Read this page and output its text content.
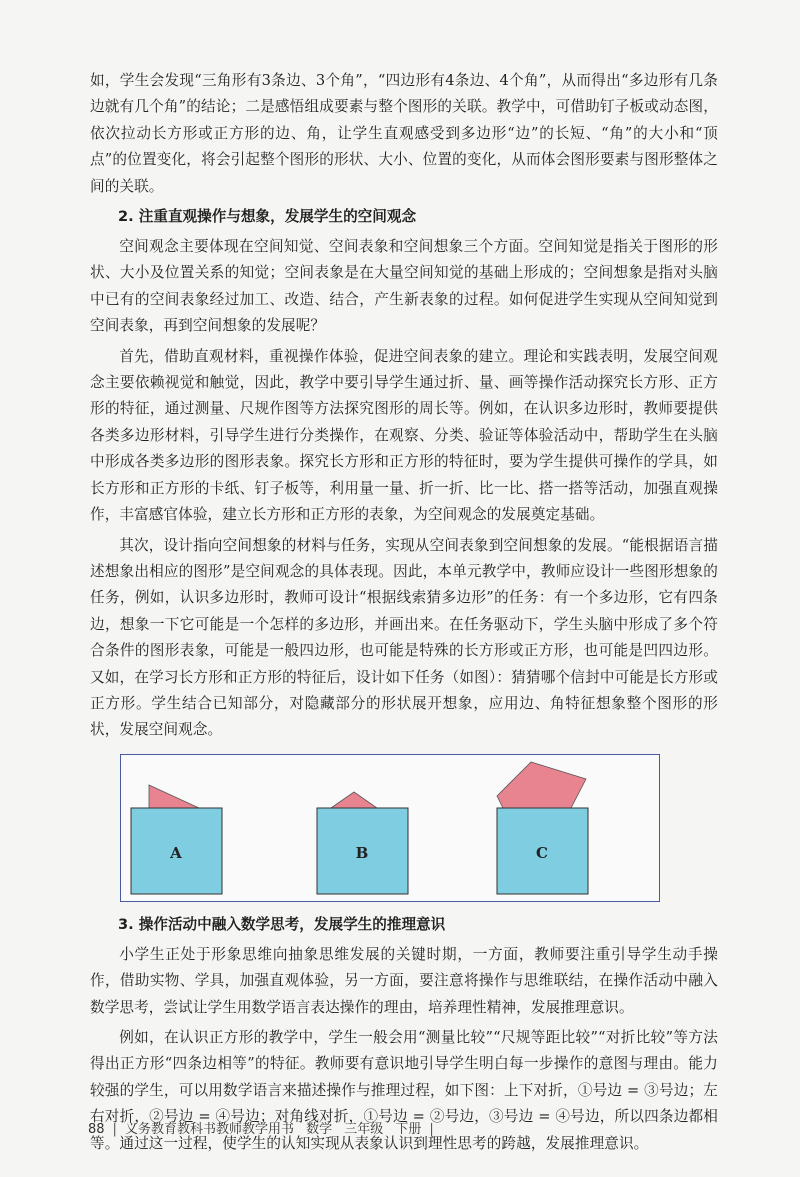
如，学生会发现“三角形有3条边、3个角”，“四边形有4条边、4个角”，从而得出“多边形有几条边就有几个角”的结论；二是感悟组成要素与整个图形的关联。教学中，可借助钉子板或动态图，依次拉动长方形或正方形的边、角，让学生直观感受到多边形“边”的长短、“角”的大小和“顶点”的位置变化，将会引起整个图形的形状、大小、位置的变化，从而体会图形要素与图形整体之间的关联。

2. 注重直观操作与想象，发展学生的空间观念

空间观念主要体现在空间知觉、空间表象和空间想象三个方面。空间知觉是指关于图形的形状、大小及位置关系的知觉；空间表象是在大量空间知觉的基础上形成的；空间想象是指对头脑中已有的空间表象经过加工、改造、结合，产生新表象的过程。如何促进学生实现从空间知觉到空间表象，再到空间想象的发展呢？

首先，借助直观材料，重视操作体验，促进空间表象的建立。理论和实践表明，发展空间观念主要依赖视觉和触觉，因此，教学中要引导学生通过折、量、画等操作活动探究长方形、正方形的特征，通过测量、尺规作图等方法探究图形的周长等。例如，在认识多边形时，教师要提供各类多边形材料，引导学生进行分类操作，在观察、分类、验证等体验活动中，帮助学生在头脑中形成各类多边形的图形表象。探究长方形和正方形的特征时，要为学生提供可操作的学具，如长方形和正方形的卡纸、钉子板等，利用量一量、折一折、比一比、搭一搭等活动，加强直观操作，丰富感官体验，建立长方形和正方形的表象，为空间观念的发展奠定基础。

其次，设计指向空间想象的材料与任务，实现从空间表象到空间想象的发展。“能根据语言描述想象出相应的图形”是空间观念的具体表现。因此，本单元教学中，教师应设计一些图形想象的任务，例如，认识多边形时，教师可设计“根据线索猜多边形”的任务：有一个多边形，它有四条边，想象一下它可能是一个怎样的多边形，并画出来。在任务驱动下，学生头脑中形成了多个符合条件的图形表象，可能是一般四边形，也可能是特殊的长方形或正方形，也可能是凹四边形。又如，在学习长方形和正方形的特征后，设计如下任务（如图）：猜猜哪个信封中可能是长方形或正方形。学生结合已知部分，对隐藏部分的形状展开想象，应用边、角特征想象整个图形的形状，发展空间观念。

A	B	C
3. 操作活动中融入数学思考，发展学生的推理意识

小学生正处于形象思维向抽象思维发展的关键时期，一方面，教师要注重引导学生动手操作，借助实物、学具，加强直观体验，另一方面，要注意将操作与思维联结，在操作活动中融入数学思考，尝试让学生用数学语言表达操作的理由，培养理性精神，发展推理意识。

例如，在认识正方形的教学中，学生一般会用“测量比较”“尺规等距比较”“对折比较”等方法得出正方形“四条边相等”的特征。教师要有意识地引导学生明白每一步操作的意图与理由。能力较强的学生，可以用数学语言来描述操作与推理过程，如下图：上下对折，①号边 = ③号边；左右对折，②号边 = ④号边；对角线对折，①号边 = ②号边，③号边 = ④号边，所以四条边都相等。通过这一过程，使学生的认知实现从表象认识到理性思考的跨越，发展推理意识。

88 | 义务教育教科书教师教学用书 数学 三年级 下册 |
